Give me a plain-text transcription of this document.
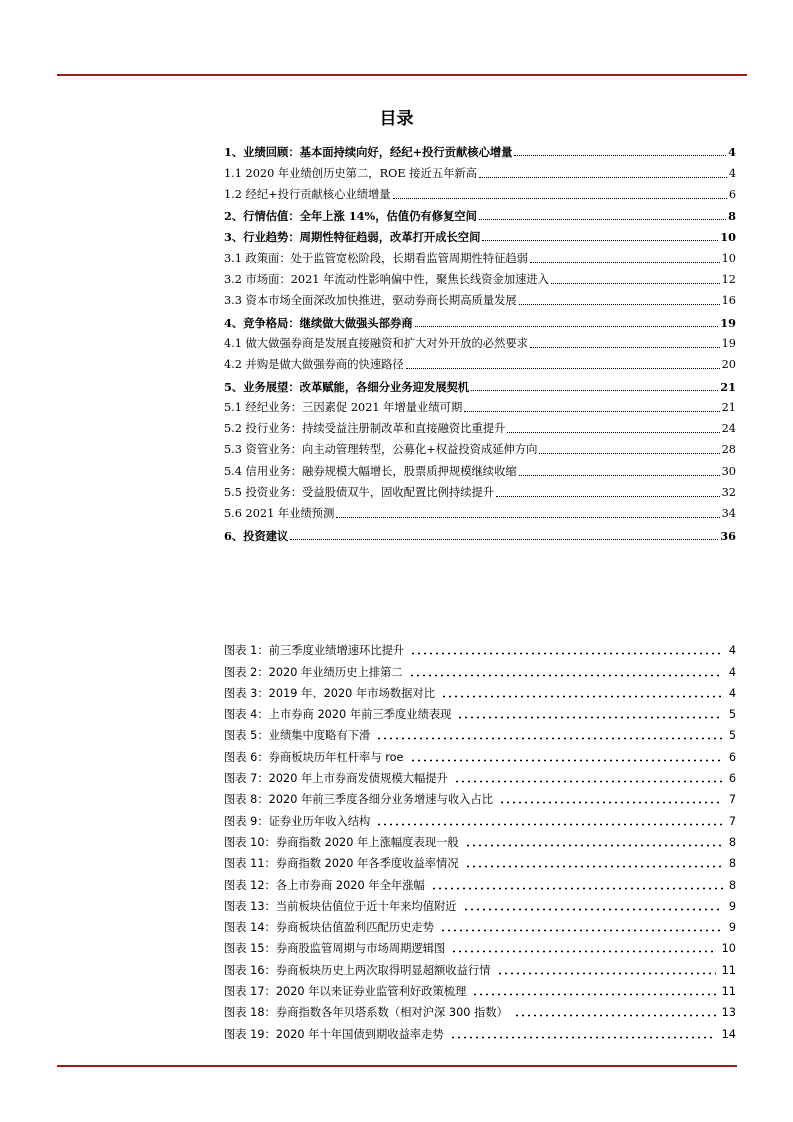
目录
1、业绩回顾：基本面持续向好，经纪+投行贡献核心增量	4
1.1 2020 年业绩创历史第二，ROE 接近五年新高	4
1.2 经纪+投行贡献核心业绩增量	6
2、行情估值：全年上涨 14%，估值仍有修复空间	8
3、行业趋势：周期性特征趋弱，改革打开成长空间	10
3.1 政策面：处于监管宽松阶段，长期看监管周期性特征趋弱	10
3.2 市场面：2021 年流动性影响偏中性，聚焦长线资金加速进入	12
3.3 资本市场全面深改加快推进，驱动券商长期高质量发展	16
4、竞争格局：继续做大做强头部券商	19
4.1 做大做强券商是发展直接融资和扩大对外开放的必然要求	19
4.2 并购是做大做强券商的快速路径	20
5、业务展望：改革赋能，各细分业务迎发展契机	21
5.1 经纪业务：三因素促 2021 年增量业绩可期	21
5.2 投行业务：持续受益注册制改革和直接融资比重提升	24
5.3 资管业务：向主动管理转型，公募化+权益投资成延伸方向	28
5.4 信用业务：融券规模大幅增长，股票质押规模继续收缩	30
5.5 投资业务：受益股债双牛，固收配置比例持续提升	32
5.6 2021 年业绩预测	34
6、投资建议	36
图表 1：前三季度业绩增速环比提升	4
图表 2：2020 年业绩历史上排第二	4
图表 3：2019 年、2020 年市场数据对比	4
图表 4：上市券商 2020 年前三季度业绩表现	5
图表 5：业绩集中度略有下滑	5
图表 6：券商板块历年杠杆率与 roe	6
图表 7：2020 年上市券商发债规模大幅提升	6
图表 8：2020 年前三季度各细分业务增速与收入占比	7
图表 9：证券业历年收入结构	7
图表 10：券商指数 2020 年上涨幅度表现一般	8
图表 11：券商指数 2020 年各季度收益率情况	8
图表 12：各上市券商 2020 年全年涨幅	8
图表 13：当前板块估值位于近十年来均值附近	9
图表 14：券商板块估值盈利匹配历史走势	9
图表 15：券商股监管周期与市场周期逻辑图	10
图表 16：券商板块历史上两次取得明显超额收益行情	11
图表 17：2020 年以来证券业监管利好政策梳理	11
图表 18：券商指数各年贝塔系数（相对沪深 300 指数）	13
图表 19：2020 年十年国债到期收益率走势	14
